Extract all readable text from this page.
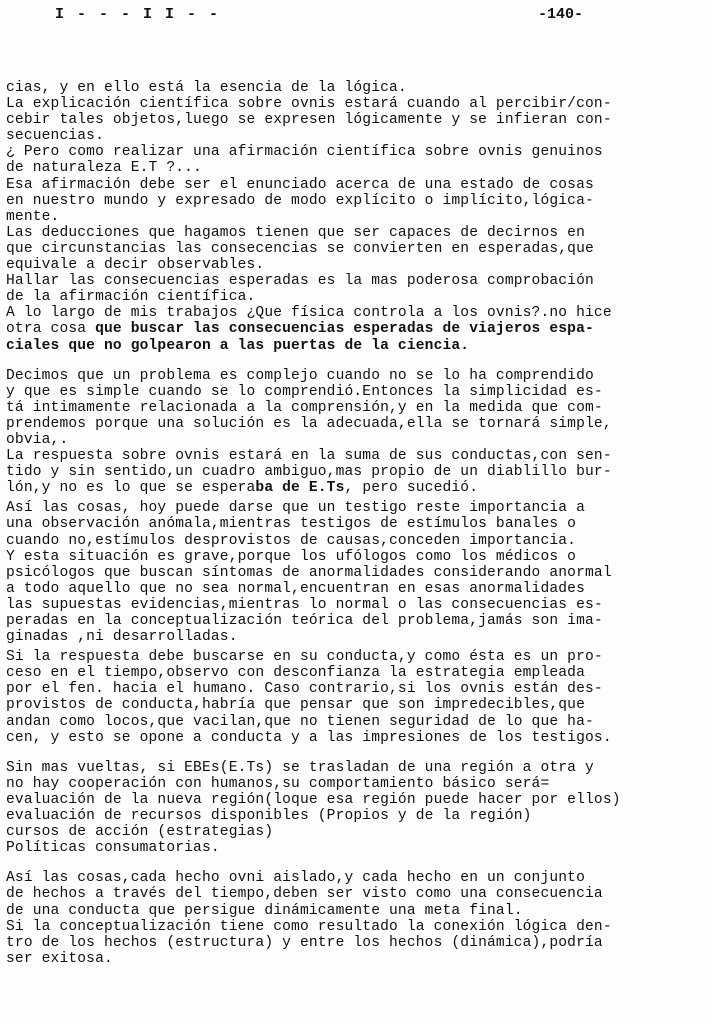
I - - - I I - -	-140-
cias, y en ello está la esencia de la lógica.
La explicación científica sobre ovnis estará cuando al percibir/con-
cebir tales objetos,luego se expresen lógicamente y se infieran con-
secuencias.
¿ Pero como realizar una afirmación científica sobre ovnis genuinos
de naturaleza E.T ?...
Esa afirmación debe ser el enunciado acerca de una estado de cosas
en nuestro mundo y expresado de modo explícito o implícito,lógica-
mente.
Las deducciones que hagamos tienen que ser capaces de decirnos en
que circunstancias las consecencias se convierten en esperadas,que
equivale a decir observables.
Hallar las consecuencias esperadas es la mas poderosa comprobación
de la afirmación científica.
A lo largo de mis trabajos ¿Que física controla a los ovnis?.no hice
otra cosa que buscar las consecuencias esperadas de viajeros espa-
ciales que no golpearon a las puertas de la ciencia.
Decimos que un problema es complejo cuando no se lo ha comprendido
y que es simple cuando se lo comprendió.Entonces la simplicidad es-
tá intimamente relacionada a la comprensión,y en la medida que com-
prendemos porque una solución es la adecuada,ella se tornará simple,
obvia,.
La respuesta sobre ovnis estará en la suma de sus conductas,con sen-
tido y sin sentido,un cuadro ambiguo,mas propio de un diablillo bur-
lón,y no es lo que se esperaba de E.Ts, pero sucedió.
Así las cosas, hoy puede darse que un testigo reste importancia a
una observación anómala,mientras testigos de estímulos banales o
cuando no,estímulos desprovistos de causas,conceden importancia.
Y esta situación es grave,porque los ufólogos como los médicos o
psicólogos que buscan síntomas de anormalidades considerando anormal
a todo aquello que no sea normal,encuentran en esas anormalidades
las supuestas evidencias,mientras lo normal o las consecuencias es-
peradas en la conceptualización teórica del problema,jamás son ima-
ginadas ,ni desarrolladas.
Si la respuesta debe buscarse en su conducta,y como ésta es un pro-
ceso en el tiempo,observo con desconfianza la estrategia empleada
por el fen. hacia el humano. Caso contrario,si los ovnis están des-
provistos de conducta,habría que pensar que son impredecibles,que
andan como locos,que vacilan,que no tienen seguridad de lo que ha-
cen, y esto se opone a conducta y a las impresiones de los testigos.
Sin mas vueltas, si EBEs(E.Ts) se trasladan de una región a otra y
no hay cooperación con humanos,su comportamiento básico será=
evaluación de la nueva región(loque esa región puede hacer por ellos)
evaluación de recursos disponibles (Propios y de la región)
cursos de acción (estrategias)
Políticas consumatorias.
Así las cosas,cada hecho ovni aislado,y cada hecho en un conjunto
de hechos a través del tiempo,deben ser visto como una consecuencia
de una conducta que persigue dinámicamente una meta final.
Si la conceptualización tiene como resultado la conexión lógica den-
tro de los hechos (estructura) y entre los hechos (dinámica),podría
ser exitosa.
